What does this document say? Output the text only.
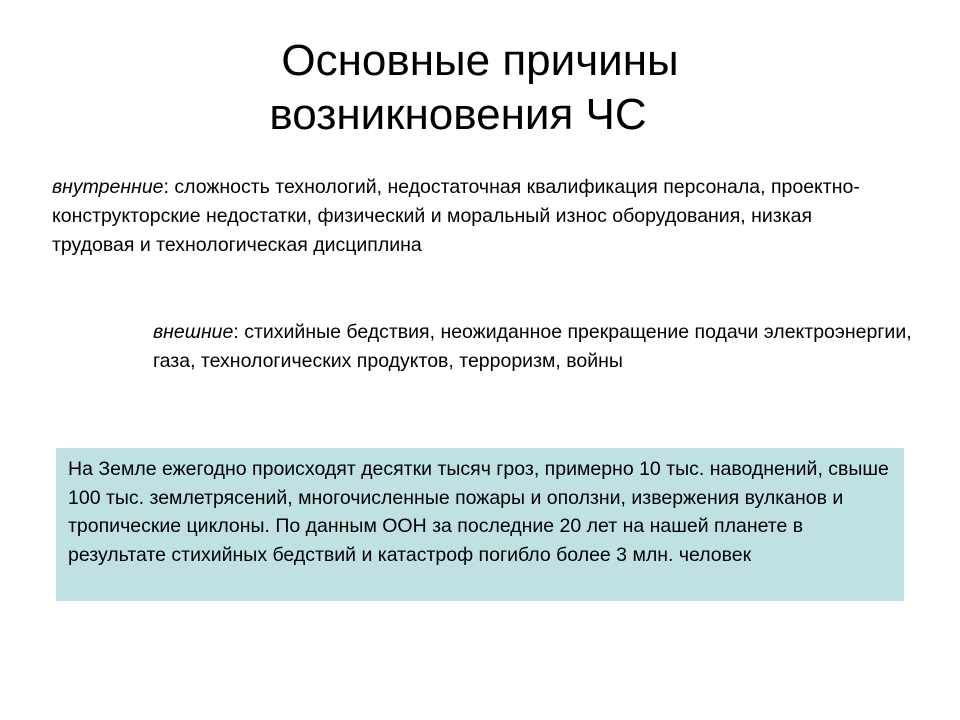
Основные причины
возникновения ЧС

внутренние: сложность технологий, недостаточная квалификация персонала, проектно-конструкторские недостатки, физический и моральный износ оборудования, низкая трудовая и технологическая дисциплина

внешние: стихийные бедствия, неожиданное прекращение подачи электроэнергии, газа, технологических продуктов, терроризм, войны

На Земле ежегодно происходят десятки тысяч гроз, примерно 10 тыс. наводнений, свыше 100 тыс. землетрясений, многочисленные пожары и оползни, извержения вулканов и тропические циклоны. По данным ООН за последние 20 лет на нашей планете в результате стихийных бедствий и катастроф погибло более 3 млн. человек
